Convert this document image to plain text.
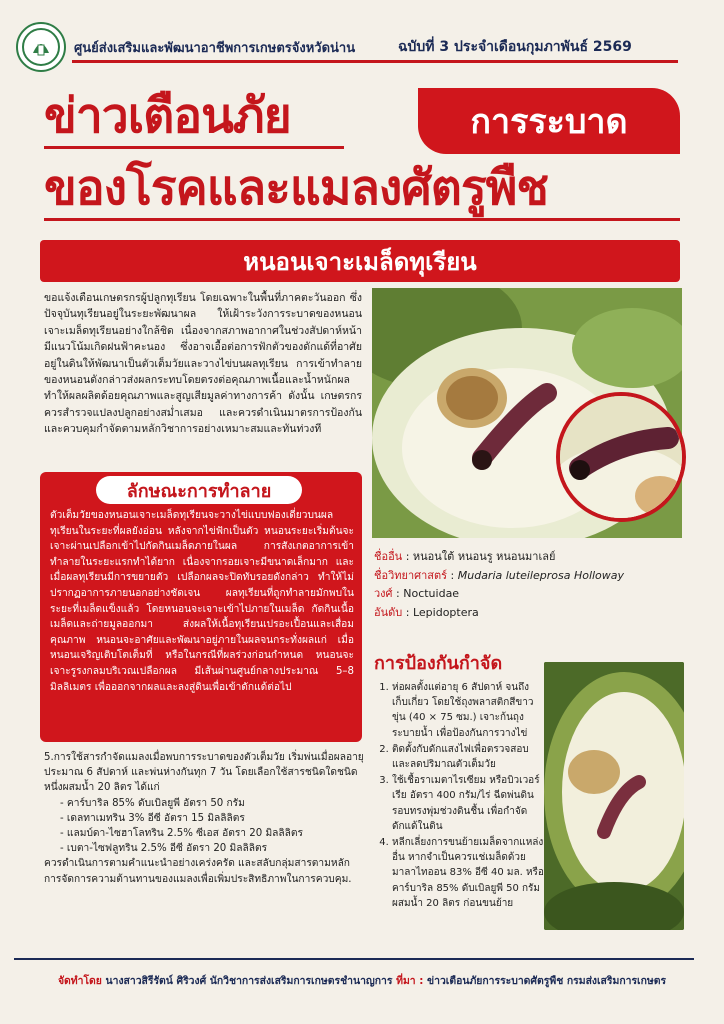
ศูนย์ส่งเสริมและพัฒนาอาชีพการเกษตรจังหวัดน่าน	ฉบับที่ 3 ประจำเดือนกุมภาพันธ์ 2569
ข่าวเตือนภัย	การระบาด
ของโรคและแมลงศัตรูพืช
หนอนเจาะเมล็ดทุเรียน

ขอแจ้งเตือนเกษตรกรผู้ปลูกทุเรียน โดยเฉพาะในพื้นที่ภาคตะวันออก ซึ่งปัจจุบันทุเรียนอยู่ในระยะพัฒนาผล ให้เฝ้าระวังการระบาดของหนอนเจาะเมล็ดทุเรียนอย่างใกล้ชิด เนื่องจากสภาพอากาศในช่วงสัปดาห์หน้ามีแนวโน้มเกิดฝนฟ้าคะนอง ซึ่งอาจเอื้อต่อการฟักตัวของดักแด้ที่อาศัยอยู่ในดินให้พัฒนาเป็นตัวเต็มวัยและวางไข่บนผลทุเรียน การเข้าทำลายของหนอนดังกล่าวส่งผลกระทบโดยตรงต่อคุณภาพเนื้อและน้ำหนักผล ทำให้ผลผลิตด้อยคุณภาพและสูญเสียมูลค่าทางการค้า ดังนั้น เกษตรกรควรสำรวจแปลงปลูกอย่างสม่ำเสมอ และควรดำเนินมาตรการป้องกันและควบคุมกำจัดตามหลักวิชาการอย่างเหมาะสมและทันท่วงที

ลักษณะการทำลาย

ตัวเต็มวัยของหนอนเจาะเมล็ดทุเรียนจะวางไข่แบบฟองเดี่ยวบนผลทุเรียนในระยะที่ผลยังอ่อน หลังจากไข่ฟักเป็นตัว หนอนระยะเริ่มต้นจะเจาะผ่านเปลือกเข้าไปกัดกินเมล็ดภายในผล การสังเกตอาการเข้าทำลายในระยะแรกทำได้ยาก เนื่องจากรอยเจาะมีขนาดเล็กมาก และเมื่อผลทุเรียนมีการขยายตัว เปลือกผลจะปิดทับรอยดังกล่าว ทำให้ไม่ปรากฏอาการภายนอกอย่างชัดเจน ผลทุเรียนที่ถูกทำลายมักพบในระยะที่เมล็ดแข็งแล้ว โดยหนอนจะเจาะเข้าไปภายในเมล็ด กัดกินเนื้อเมล็ดและถ่ายมูลออกมา ส่งผลให้เนื้อทุเรียนเปรอะเปื้อนและเสื่อมคุณภาพ หนอนจะอาศัยและพัฒนาอยู่ภายในผลจนกระทั่งผลแก่ เมื่อหนอนเจริญเติบโตเต็มที่ หรือในกรณีที่ผลร่วงก่อนกำหนด หนอนจะเจาะรูรงกลมบริเวณเปลือกผล มีเส้นผ่านศูนย์กลางประมาณ 5–8 มิลลิเมตร เพื่อออกจากผลและลงสู่ดินเพื่อเข้าดักแด้ต่อไป

5.การใช้สารกำจัดแมลงเมื่อพบการระบาดของตัวเต็มวัย เริ่มพ่นเมื่อผลอายุประมาณ 6 สัปดาห์ และพ่นห่างกันทุก 7 วัน โดยเลือกใช้สารชนิดใดชนิดหนึ่งผสมน้ำ 20 ลิตร ได้แก่

- คาร์บาริล 85% ดับเบิลยูพี อัตรา 50 กรัม
- เดลทาเมทริน 3% อีซี อัตรา 15 มิลลิลิตร
- แลมบ์ดา-ไซฮาโลทริน 2.5% ซีเอส อัตรา 20 มิลลิลิตร
- เบตา-ไซฟลูทริน 2.5% อีซี อัตรา 20 มิลลิลิตร

ควรดำเนินการตามคำแนะนำอย่างเคร่งครัด และสลับกลุ่มสารตามหลักการจัดการความต้านทานของแมลงเพื่อเพิ่มประสิทธิภาพในการควบคุม.

ชื่ออื่น : หนอนใต้ หนอนรู หนอนมาเลย์
ชื่อวิทยาศาสตร์ : Mudaria luteileprosa Holloway
วงศ์ : Noctuidae
อันดับ : Lepidoptera
การป้องกันกำจัด
1. ห่อผลตั้งแต่อายุ 6 สัปดาห์ จนถึงเก็บเกี่ยว โดยใช้ถุงพลาสติกสีขาวขุ่น (40 × 75 ซม.) เจาะก้นถุงระบายน้ำ เพื่อป้องกันการวางไข่
2. ติดตั้งกับดักแสงไฟเพื่อตรวจสอบและลดปริมาณตัวเต็มวัย
3. ใช้เชื้อราเมตาไรเซียม หรือบิวเวอร์เรีย อัตรา 400 กรัม/ไร่ ฉีดพ่นดินรอบทรงพุ่มช่วงดินชื้น เพื่อกำจัดดักแด้ในดิน
4. หลีกเลี่ยงการขนย้ายเมล็ดจากแหล่งอื่น หากจำเป็นควรแช่เมล็ดด้วยมาลาไทออน 83% อีซี 40 มล. หรือคาร์บาริล 85% ดับเบิลยูพี 50 กรัม ผสมน้ำ 20 ลิตร ก่อนขนย้าย
จัดทำโดย นางสาวสิรีรัตน์ ศิริวงศ์ นักวิชาการส่งเสริมการเกษตรชำนาญการ ที่มา : ข่าวเตือนภัยการระบาดศัตรูพืช กรมส่งเสริมการเกษตร
